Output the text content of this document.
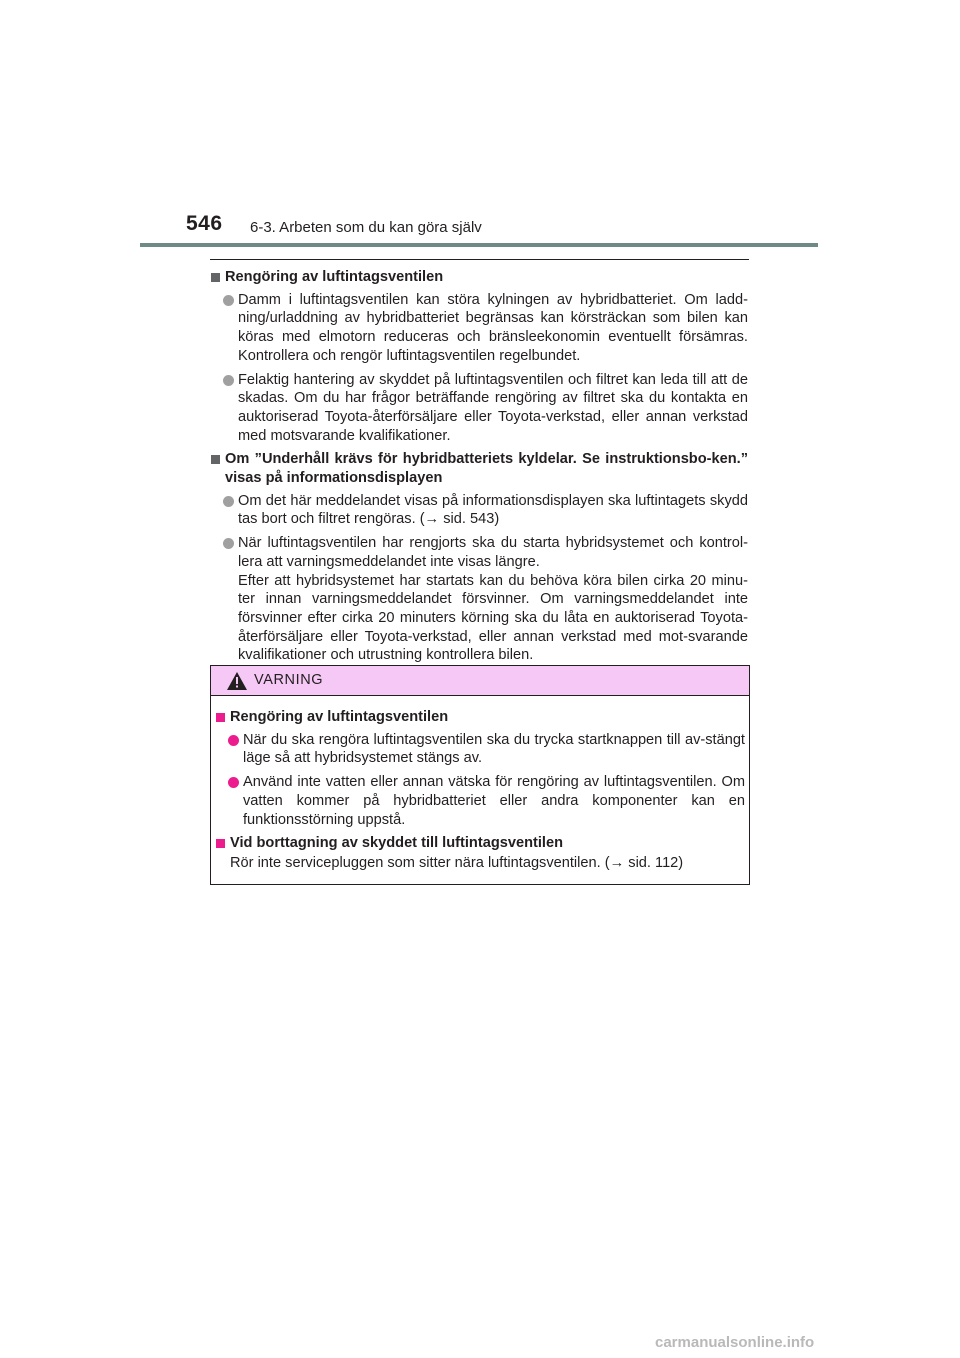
546 6-3. Arbeten som du kan göra själv
Rengöring av luftintagsventilen

Damm i luftintagsventilen kan störa kylningen av hybridbatteriet. Om ladd-ning/urladdning av hybridbatteriet begränsas kan körsträckan som bilen kan köras med elmotorn reduceras och bränsleekonomin eventuellt försämras. Kontrollera och rengör luftintagsventilen regelbundet.

Felaktig hantering av skyddet på luftintagsventilen och filtret kan leda till att de skadas. Om du har frågor beträffande rengöring av filtret ska du kontakta en auktoriserad Toyota-återförsäljare eller Toyota-verkstad, eller annan verkstad med motsvarande kvalifikationer.

Om ”Underhåll krävs för hybridbatteriets kyldelar. Se instruktionsbo-ken.” visas på informationsdisplayen

Om det här meddelandet visas på informationsdisplayen ska luftintagets skydd tas bort och filtret rengöras. (→ sid. 543)

När luftintagsventilen har rengjorts ska du starta hybridsystemet och kontrol-lera att varningsmeddelandet inte visas längre.

Efter att hybridsystemet har startats kan du behöva köra bilen cirka 20 minu-ter innan varningsmeddelandet försvinner. Om varningsmeddelandet inte försvinner efter cirka 20 minuters körning ska du låta en auktoriserad Toyota-återförsäljare eller Toyota-verkstad, eller annan verkstad med mot-svarande kvalifikationer och utrustning kontrollera bilen.

VARNING
Rengöring av luftintagsventilen

När du ska rengöra luftintagsventilen ska du trycka startknappen till av-stängt läge så att hybridsystemet stängs av.

Använd inte vatten eller annan vätska för rengöring av luftintagsventilen. Om vatten kommer på hybridbatteriet eller andra komponenter kan en funktionsstörning uppstå.

Vid borttagning av skyddet till luftintagsventilen
Rör inte servicepluggen som sitter nära luftintagsventilen. (→ sid. 112)
carmanualsonline.info
